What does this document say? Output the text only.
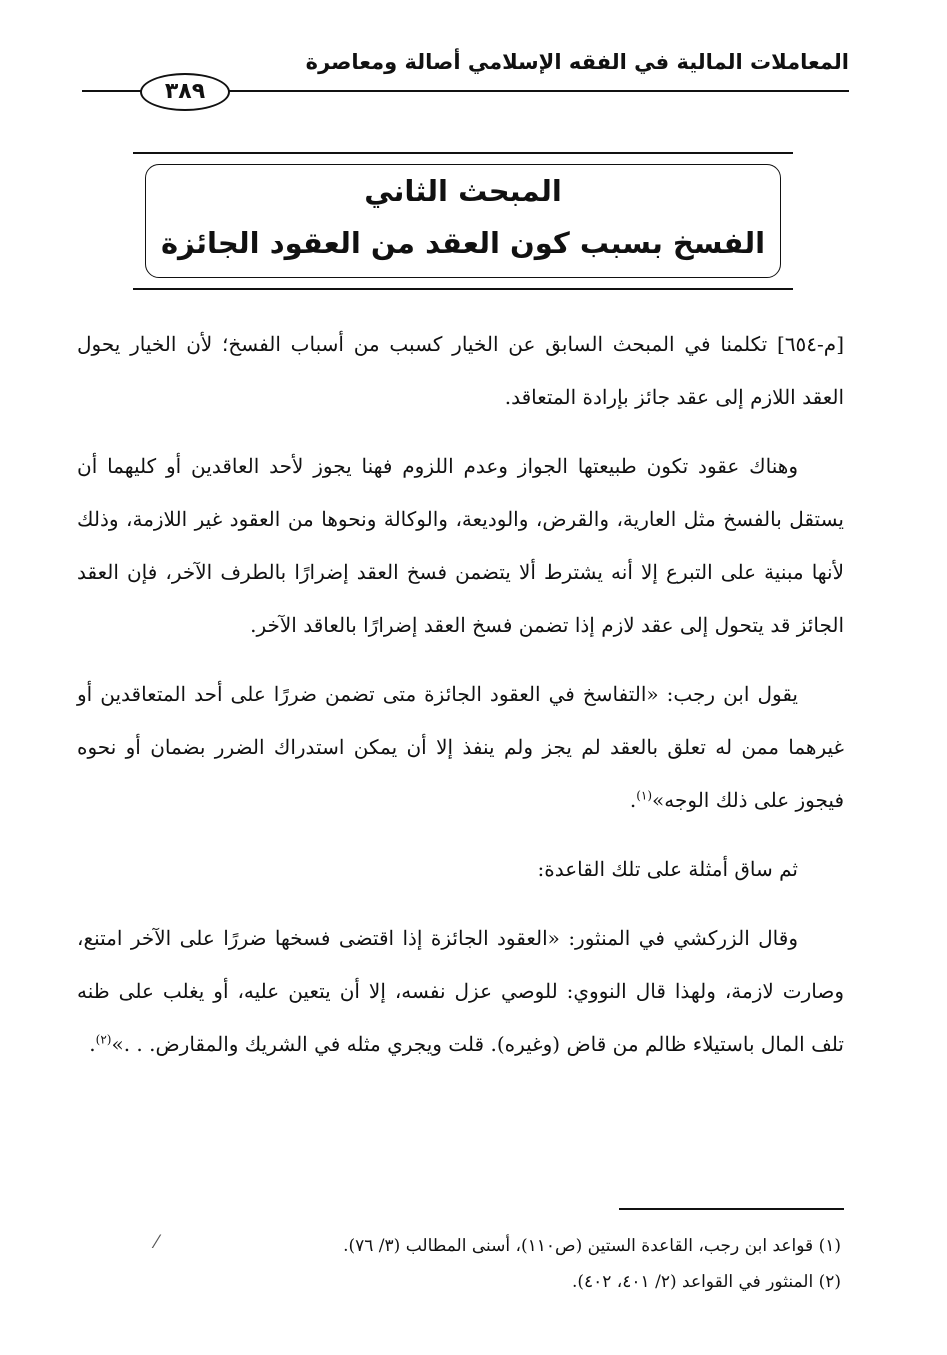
المعاملات المالية في الفقه الإسلامي أصالة ومعاصرة
٣٨٩
المبحث الثاني
الفسخ بسبب كون العقد من العقود الجائزة

[م-٦٥٤] تكلمنا في المبحث السابق عن الخيار كسبب من أسباب الفسخ؛ لأن الخيار يحول العقد اللازم إلى عقد جائز بإرادة المتعاقد.

وهناك عقود تكون طبيعتها الجواز وعدم اللزوم فهنا يجوز لأحد العاقدين أو كليهما أن يستقل بالفسخ مثل العارية، والقرض، والوديعة، والوكالة ونحوها من العقود غير اللازمة، وذلك لأنها مبنية على التبرع إلا أنه يشترط ألا يتضمن فسخ العقد إضرارًا بالطرف الآخر، فإن العقد الجائز قد يتحول إلى عقد لازم إذا تضمن فسخ العقد إضرارًا بالعاقد الآخر.

يقول ابن رجب: «التفاسخ في العقود الجائزة متى تضمن ضررًا على أحد المتعاقدين أو غيرهما ممن له تعلق بالعقد لم يجز ولم ينفذ إلا أن يمكن استدراك الضرر بضمان أو نحوه فيجوز على ذلك الوجه»$^{(١)}$.

ثم ساق أمثلة على تلك القاعدة:

وقال الزركشي في المنثور: «العقود الجائزة إذا اقتضى فسخها ضررًا على الآخر امتنع، وصارت لازمة، ولهذا قال النووي: للوصي عزل نفسه، إلا أن يتعين عليه، أو يغلب على ظنه تلف المال باستيلاء ظالم من قاض (وغيره). قلت ويجري مثله في الشريك والمقارض. . .»$^{(٢)}$.

⁄	(١) قواعد ابن رجب، القاعدة الستين (ص١١٠)، أسنى المطالب (٣/ ٧٦).
(٢) المنثور في القواعد (٢/ ٤٠١، ٤٠٢).
